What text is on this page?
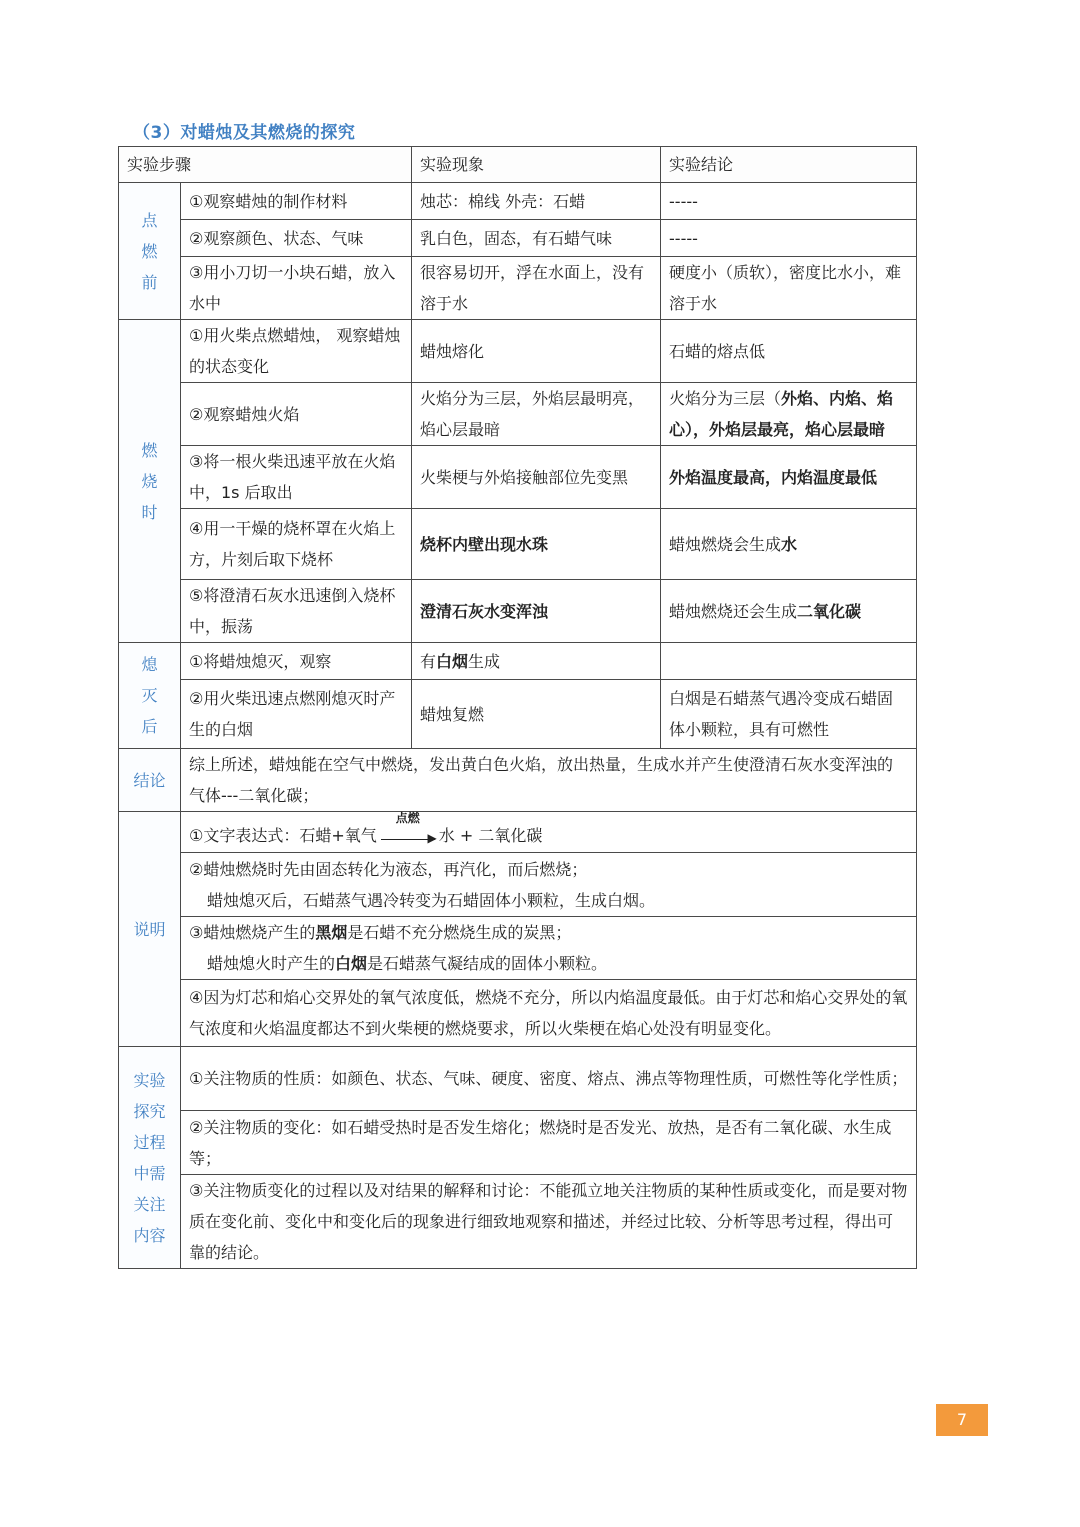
（3）对蜡烛及其燃烧的探究
实验步骤		实验现象	实验结论

点燃前	①观察蜡烛的制作材料	烛芯：棉线 外壳：石蜡	-----
	②观察颜色、状态、气味	乳白色，固态，有石蜡气味	-----
	③用小刀切一小块石蜡，放入水中	很容易切开，浮在水面上，没有溶于水	硬度小（质软），密度比水小，难溶于水

燃烧时	①用火柴点燃蜡烛， 观察蜡烛的状态变化	蜡烛熔化	石蜡的熔点低
	②观察蜡烛火焰	火焰分为三层，外焰层最明亮，焰心层最暗	火焰分为三层（外焰、内焰、焰心），外焰层最亮，焰心层最暗
	③将一根火柴迅速平放在火焰中，1s 后取出	火柴梗与外焰接触部位先变黑	外焰温度最高，内焰温度最低
	④用一干燥的烧杯罩在火焰上方，片刻后取下烧杯	烧杯内壁出现水珠	蜡烛燃烧会生成水
	⑤将澄清石灰水迅速倒入烧杯中，振荡	澄清石灰水变浑浊	蜡烛燃烧还会生成二氧化碳

熄灭后	①将蜡烛熄灭，观察	有白烟生成	
	②用火柴迅速点燃刚熄灭时产生的白烟	蜡烛复燃	白烟是石蜡蒸气遇冷变成石蜡固体小颗粒，具有可燃性

结论	综上所述，蜡烛能在空气中燃烧，发出黄白色火焰，放出热量，生成水并产生使澄清石灰水变浑浊的气体---二氧化碳；		

说明	①文字表达式：石蜡+氧气
点燃
▶ 水 + 二氧化碳		

	②蜡烛燃烧时先由固态转化为液态，再汽化，而后燃烧；
蜡烛熄灭后，石蜡蒸气遇冷转变为石蜡固体小颗粒，生成白烟。		

	③蜡烛燃烧产生的黑烟是石蜡不充分燃烧生成的炭黑；
蜡烛熄火时产生的白烟是石蜡蒸气凝结成的固体小颗粒。		

	④因为灯芯和焰心交界处的氧气浓度低，燃烧不充分，所以内焰温度最低。由于灯芯和焰心交界处的氧气浓度和火焰温度都达不到火柴梗的燃烧要求，所以火柴梗在焰心处没有明显变化。		

实验探究过程中需关注内容	①关注物质的性质：如颜色、状态、气味、硬度、密度、熔点、沸点等物理性质，可燃性等化学性质；		
	②关注物质的变化：如石蜡受热时是否发生熔化；燃烧时是否发光、放热，是否有二氧化碳、水生成等；		
	③关注物质变化的过程以及对结果的解释和讨论：不能孤立地关注物质的某种性质或变化，而是要对物质在变化前、变化中和变化后的现象进行细致地观察和描述，并经过比较、分析等思考过程，得出可靠的结论。		
7
